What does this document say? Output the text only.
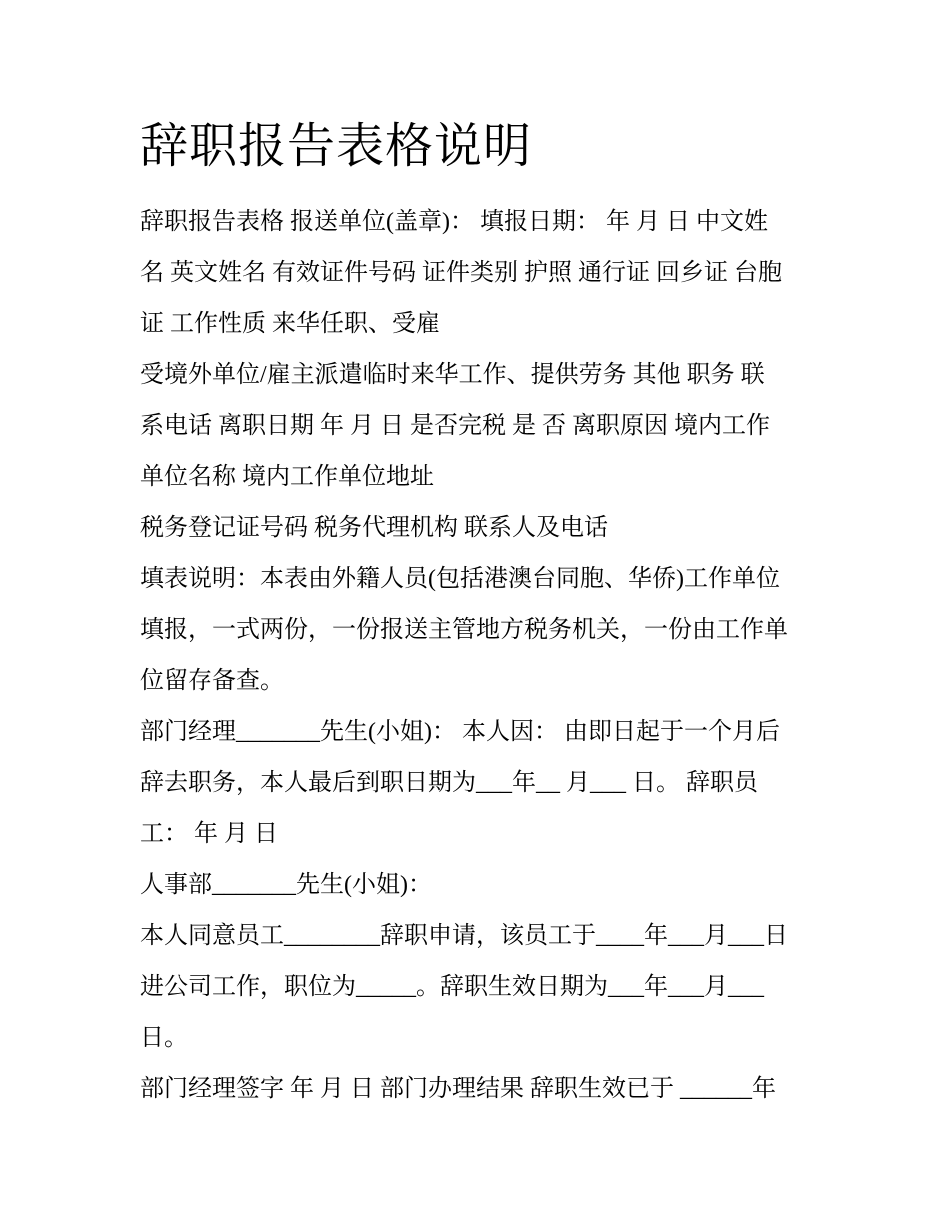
辞职报告表格说明
辞职报告表格 报送单位(盖章)： 填报日期： 年 月 日 中文姓
名 英文姓名 有效证件号码 证件类别 护照 通行证 回乡证 台胞
证 工作性质 来华任职、受雇
受境外单位/雇主派遣临时来华工作、提供劳务 其他 职务 联
系电话 离职日期 年 月 日 是否完税 是 否 离职原因 境内工作
单位名称 境内工作单位地址
税务登记证号码 税务代理机构 联系人及电话
填表说明：本表由外籍人员(包括港澳台同胞、华侨)工作单位
填报，一式两份，一份报送主管地方税务机关，一份由工作单
位留存备查。
部门经理_______先生(小姐)： 本人因： 由即日起于一个月后
辞去职务，本人最后到职日期为___年__ 月___ 日。 辞职员
工： 年 月 日
人事部_______先生(小姐)：
本人同意员工________辞职申请，该员工于____年___月___日
进公司工作，职位为_____。辞职生效日期为___年___月___
日。
部门经理签字 年 月 日 部门办理结果 辞职生效已于 ______年
